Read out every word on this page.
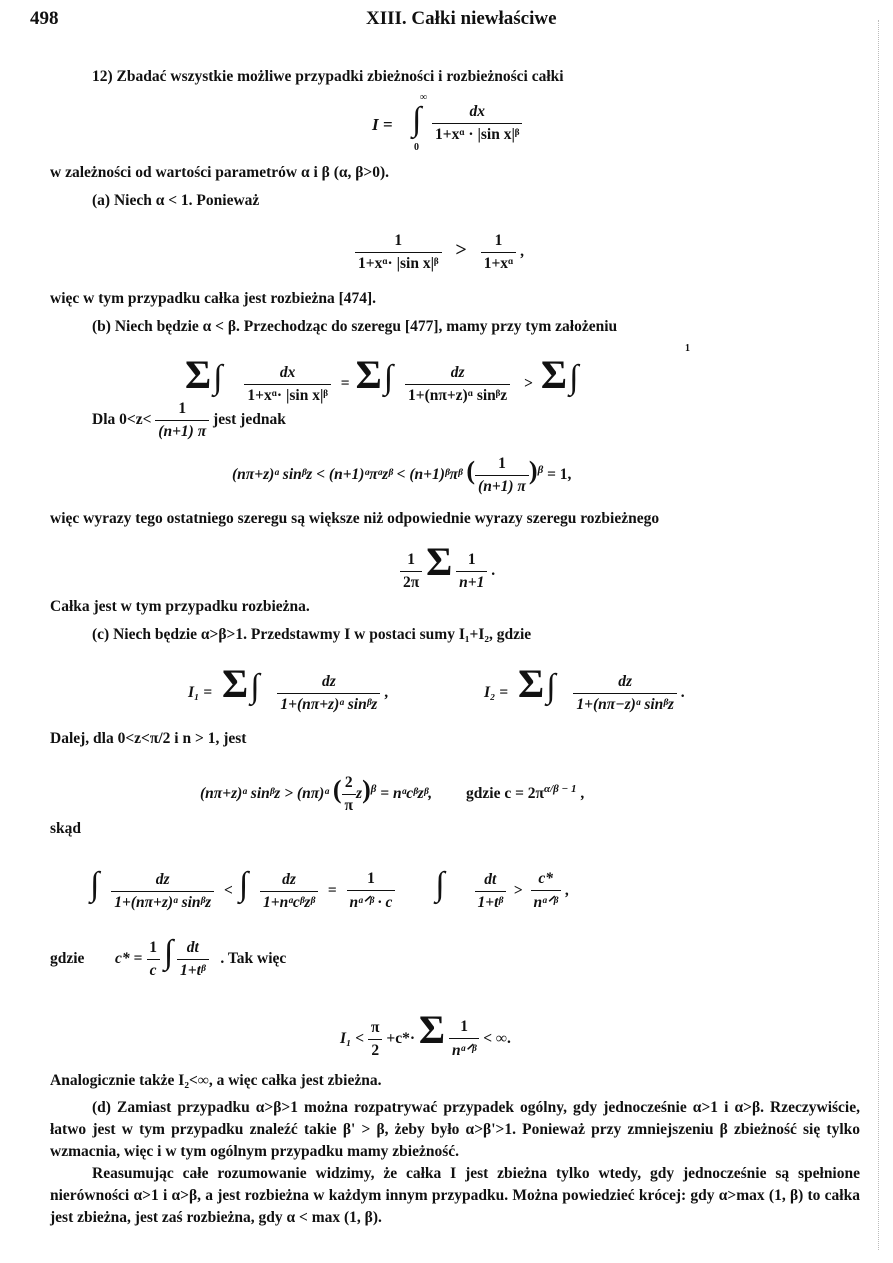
498	XIII. Całki niewłaściwe
12) Zbadać wszystkie możliwe przypadki zbieżności i rozbieżności całki
I =
∞
∫
0
$\frac{dx}{\text{1+xᵅ · |sin x|ᵝ}}$
w zależności od wartości parametrów α i β (α, β>0).
(a) Niech α < 1. Ponieważ
$\frac{1}{\text{1+xᵅ· |sin x|ᵝ}} > \frac{1}{\text{1+xᵅ}}$ ,
więc w tym przypadku całka jest rozbieżna [474].
(b) Niech będzie α < β. Przechodząc do szeregu [477], mamy przy tym założeniu
$\Sigma\int \frac{dx}{\text{1+xᵅ· |sin x|ᵝ}} = \Sigma\int \frac{dz}{\text{1+(nπ+z)ᵅ sinᵝz}} > \Sigma\int$
1
Dla $0<z< \frac{1}{(n+1) \pi}$ jest jednak
(nπ+z)ᵅ sinᵝz < (n+1)ᵅπᵅzᵝ < (n+1)ᵝπᵝ ( $\frac{1}{(n+1) \pi} )^\beta = 1$,
więc wyrazy tego ostatniego szeregu są większe niż odpowiednie wyrazy szeregu rozbieżnego
$\frac{1}{2\pi}$ Σ $\frac{1}{n+1}$ .
Całka jest w tym przypadku rozbieżna.
(c) Niech będzie α>β>1. Przedstawmy I w postaci sumy I₁+I₂, gdzie
$I_1 = \Sigma\int \frac{dz}{\text{1+(nπ+z)ᵅ sinᵝz}}$ ,	$I_2 = \Sigma\int \frac{dz}{\text{1+(nπ−z)ᵅ sinᵝz}}$ .
Dalej, dla 0<z<π/2 i n > 1, jest
(nπ+z)ᵅ sinᵝz > (nπ)ᵅ ( $\frac{2}{\pi} z)^\beta$ = nᵅcᵝzᵝ, gdzie $c = 2\pi^{\alpha/\beta - 1}$ ,
skąd
∫ $\frac{dz}{\text{1+(nπ+z)ᵅ sinᵝz}}$ < ∫ $\frac{dz}{\text{1+nᵅcᵝzᵝ}} = \frac{1}{\text{nᵅᐟᵝ · c}}$ ∫ $\frac{dt}{\text{1+tᵝ}} > \frac{c*}{\text{nᵅᐟᵝ}}$ ,
gdzie $c* = \frac{1}{c}$ ∫ $\frac{dt}{\text{1+tᵝ}}$ . Tak więc
$I_1 < \frac{\pi}{2} +c*\cdot \Sigma \frac{1}{\text{nᵅᐟᵝ}}$ < ∞.
Analogicznie także I₂<∞, a więc całka jest zbieżna.
(d) Zamiast przypadku α>β>1 można rozpatrywać przypadek ogólny, gdy jednocześnie α>1 i α>β. Rzeczywiście, łatwo jest w tym przypadku znaleźć takie β' > β, żeby było α>β'>1. Ponieważ przy zmniejszeniu β zbieżność się tylko wzmacnia, więc i w tym ogólnym przypadku mamy zbieżność.
Reasumując całe rozumowanie widzimy, że całka I jest zbieżna tylko wtedy, gdy jednocześnie są spełnione nierówności α>1 i α>β, a jest rozbieżna w każdym innym przypadku. Można powiedzieć krócej: gdy α>max (1, β) to całka jest zbieżna, jest zaś rozbieżna, gdy α < max (1, β).
